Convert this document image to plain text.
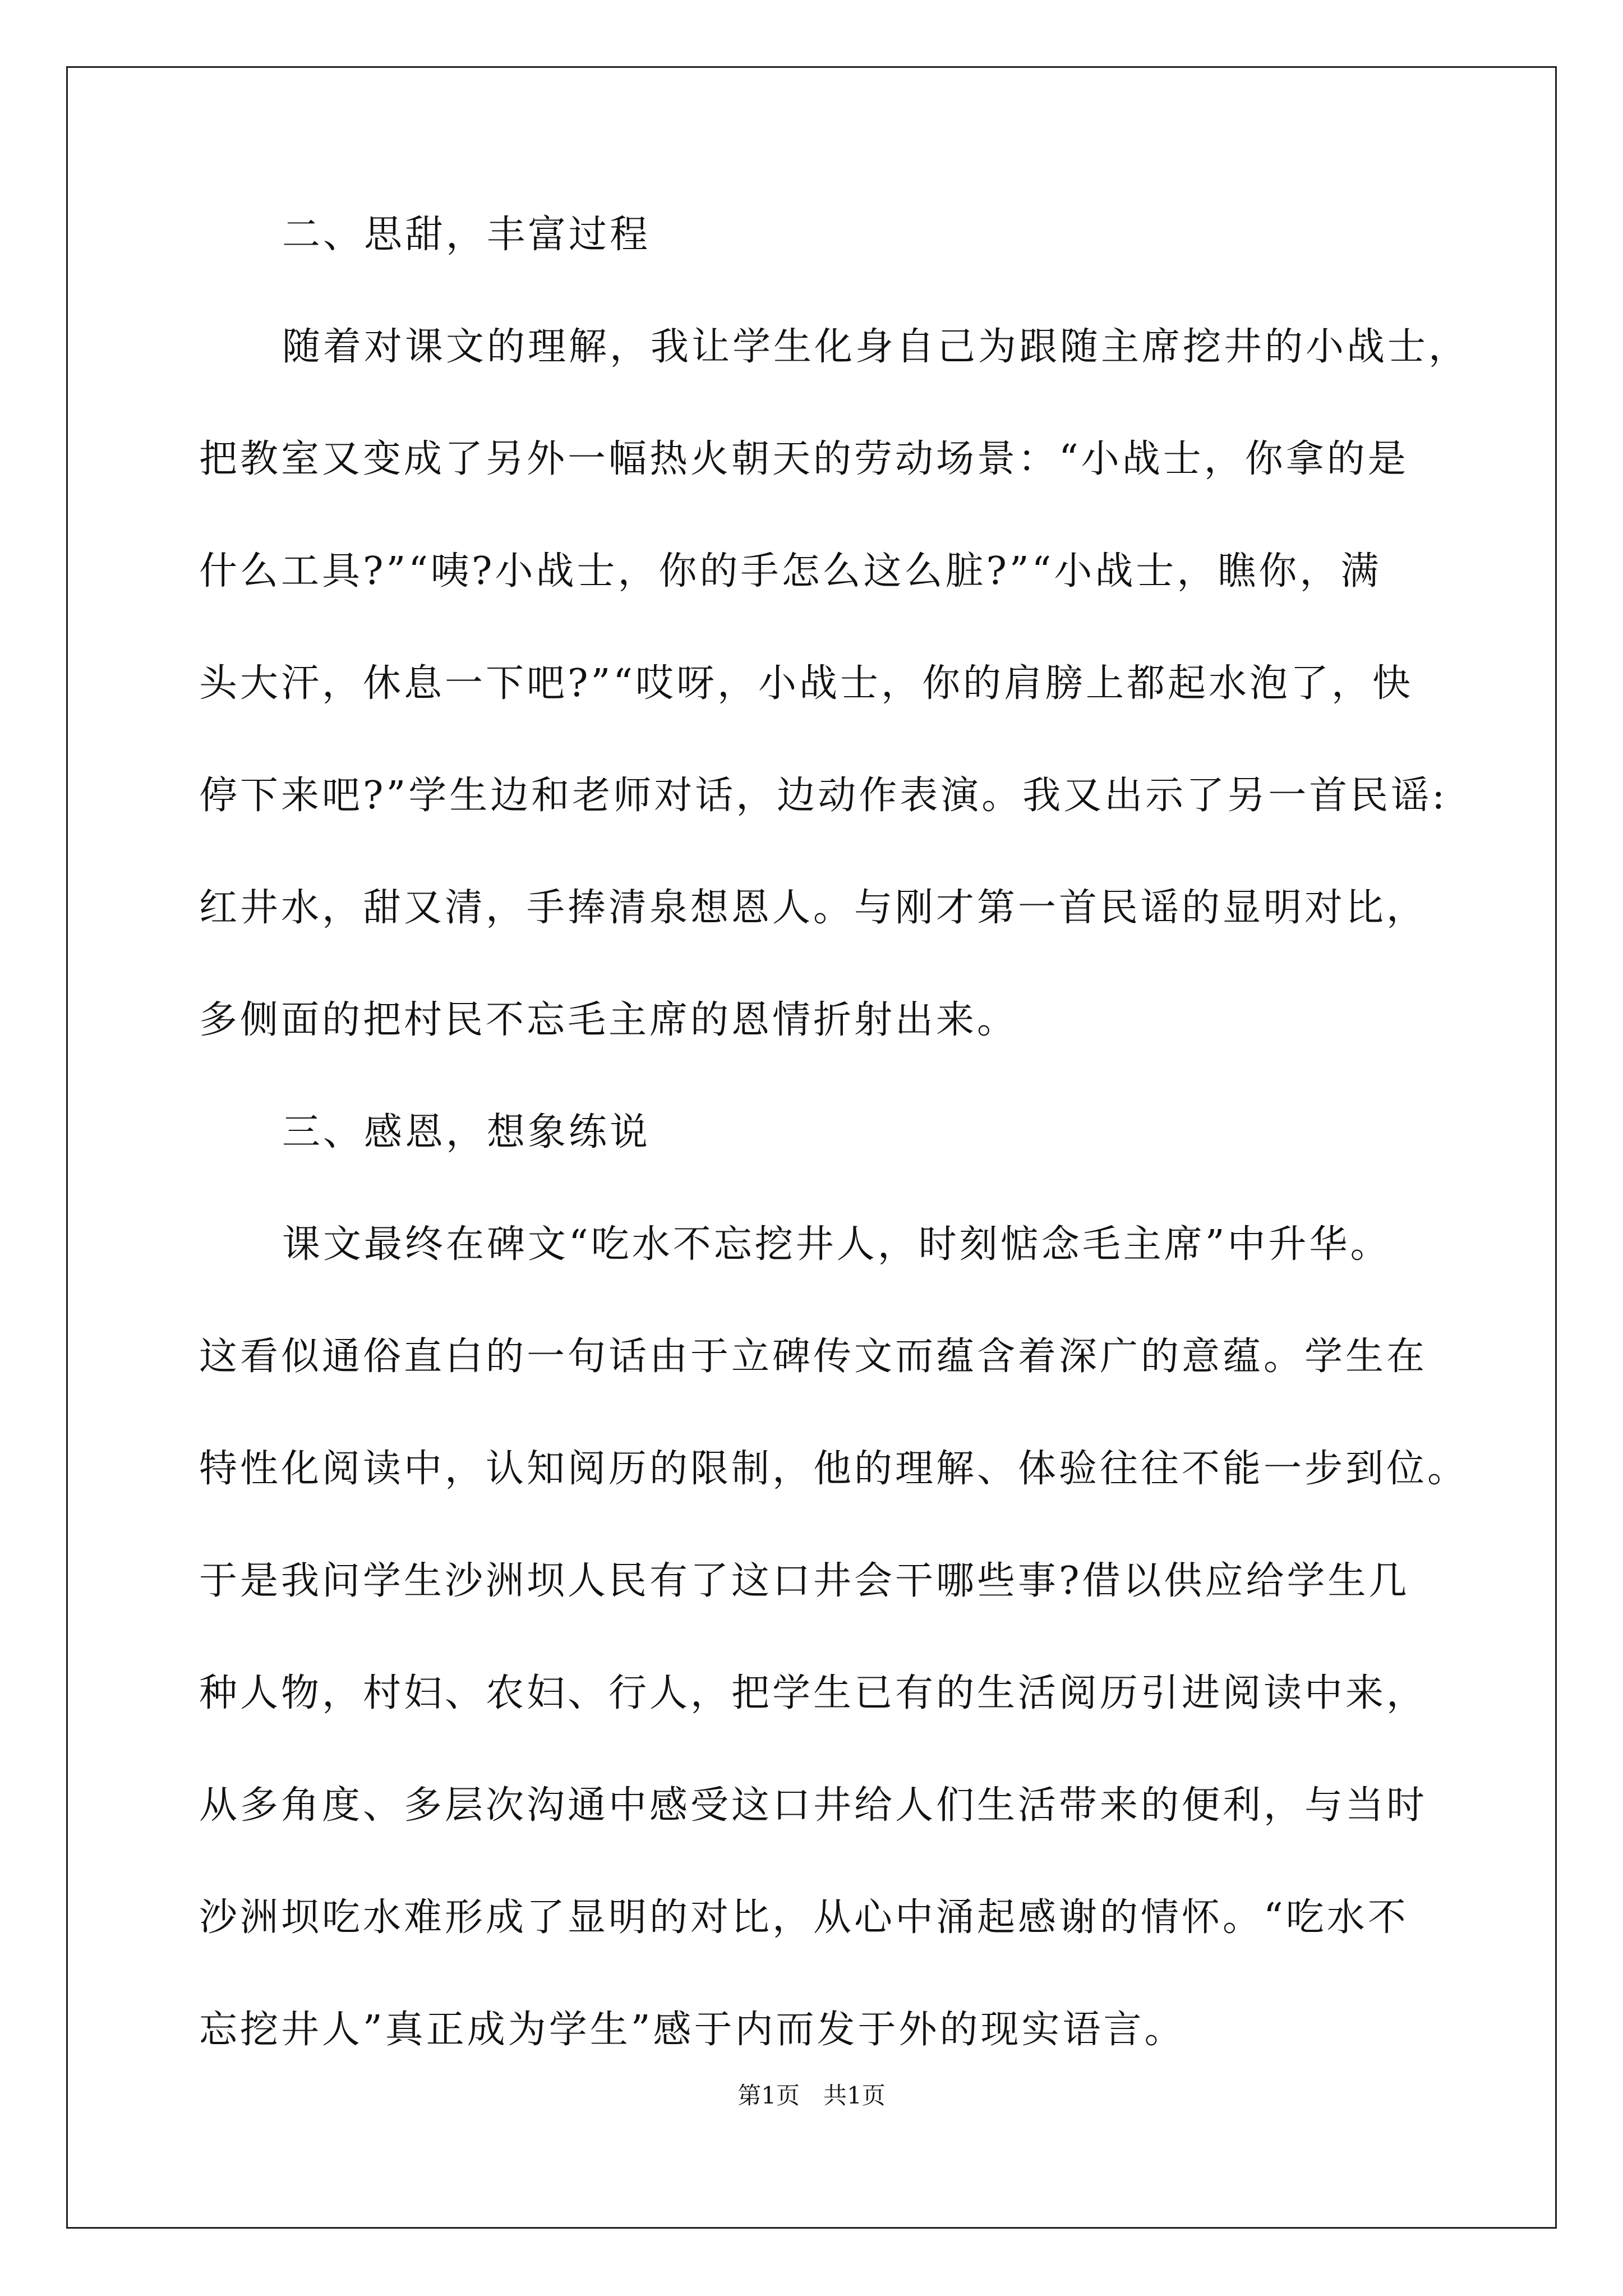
二、思甜，丰富过程
随着对课文的理解，我让学生化身自己为跟随主席挖井的小战士，
把教室又变成了另外一幅热火朝天的劳动场景：“小战士，你拿的是
什么工具?”“咦?小战士，你的手怎么这么脏?”“小战士，瞧你，满
头大汗，休息一下吧?”“哎呀，小战士，你的肩膀上都起水泡了，快
停下来吧?”学生边和老师对话，边动作表演。我又出示了另一首民谣:
红井水，甜又清，手捧清泉想恩人。与刚才第一首民谣的显明对比，
多侧面的把村民不忘毛主席的恩情折射出来。
三、感恩，想象练说
课文最终在碑文“吃水不忘挖井人，时刻惦念毛主席”中升华。
这看似通俗直白的一句话由于立碑传文而蕴含着深广的意蕴。学生在
特性化阅读中，认知阅历的限制，他的理解、体验往往不能一步到位。
于是我问学生沙洲坝人民有了这口井会干哪些事?借以供应给学生几
种人物，村妇、农妇、行人，把学生已有的生活阅历引进阅读中来，
从多角度、多层次沟通中感受这口井给人们生活带来的便利，与当时
沙洲坝吃水难形成了显明的对比，从心中涌起感谢的情怀。“吃水不
忘挖井人”真正成为学生”感于内而发于外的现实语言。
第1页　共1页
